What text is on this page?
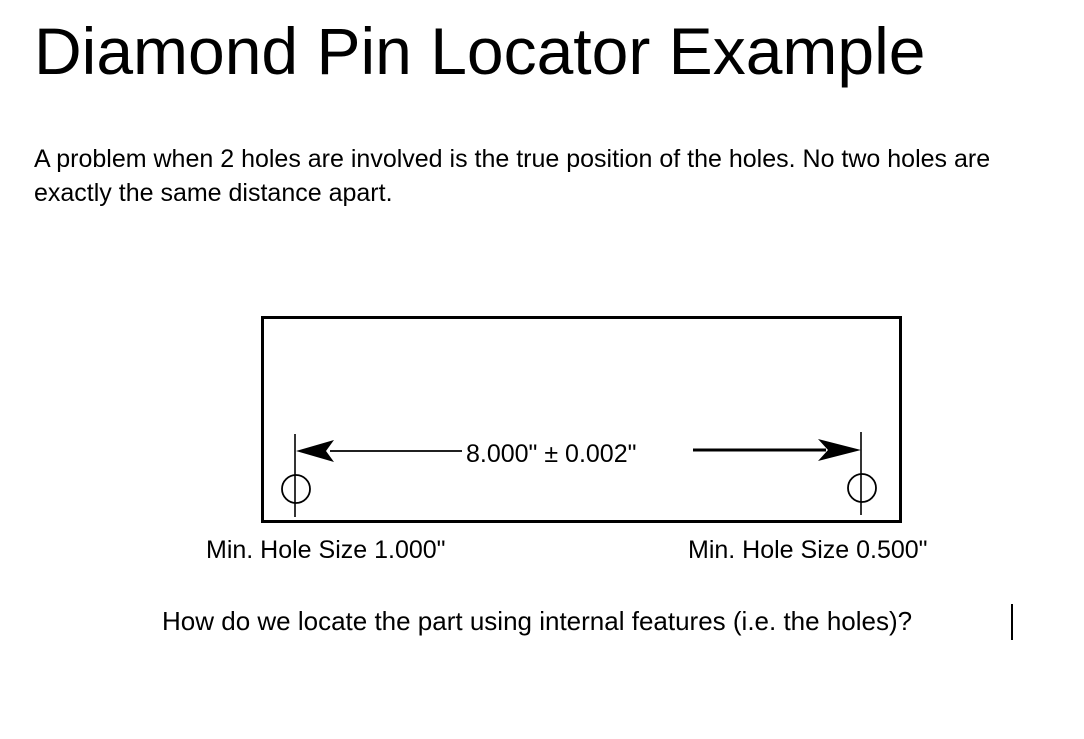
Diamond Pin Locator Example

A problem when 2 holes are involved is the true position of the holes. No two holes are exactly the same distance apart.

8.000" ± 0.002"
Min. Hole Size 1.000"	Min. Hole Size 0.500"
How do we locate the part using internal features (i.e. the holes)?
